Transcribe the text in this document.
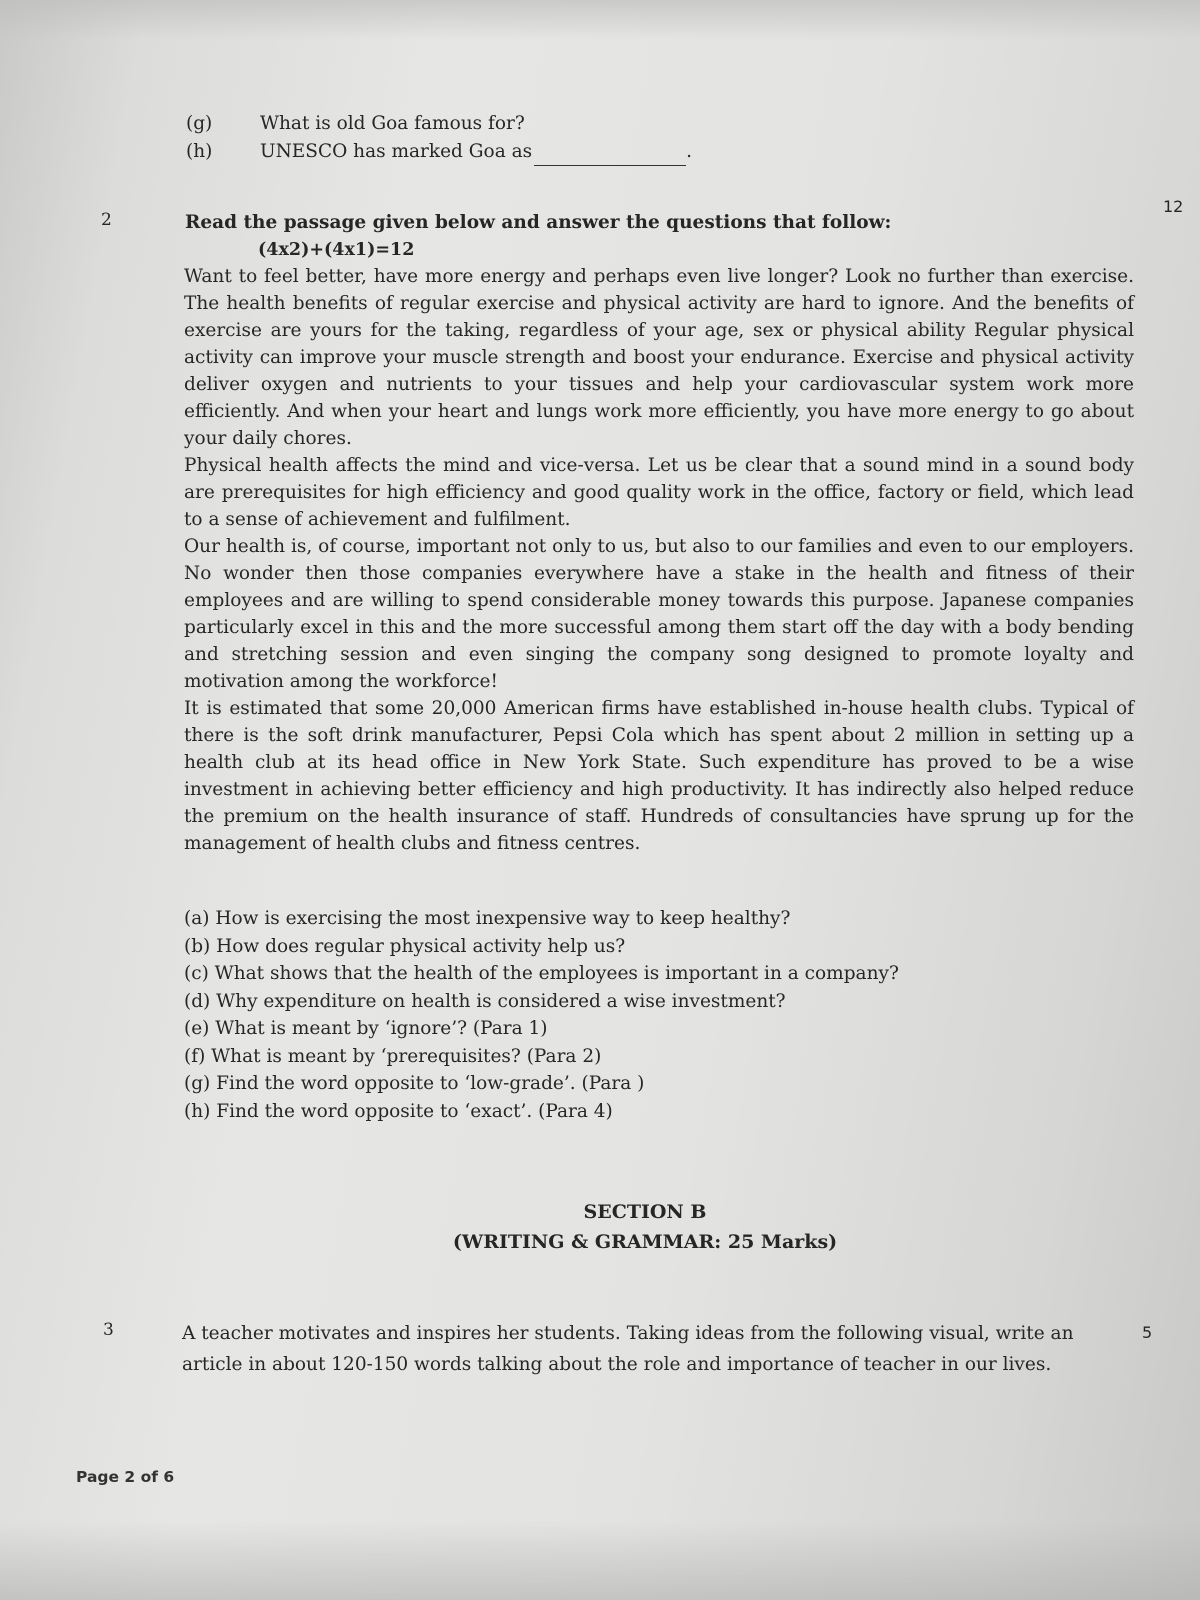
(g)	What is old Goa famous for?
(h)	UNESCO has marked Goa as	.
2
12
Read the passage given below and answer the questions that follow:
(4x2)+(4x1)=12

Want to feel better, have more energy and perhaps even live longer? Look no further than exercise. The health benefits of regular exercise and physical activity are hard to ignore. And the benefits of exercise are yours for the taking, regardless of your age, sex or physical ability Regular physical activity can improve your muscle strength and boost your endurance. Exercise and physical activity deliver oxygen and nutrients to your tissues and help your cardiovascular system work more efficiently. And when your heart and lungs work more efficiently, you have more energy to go about your daily chores.

Physical health affects the mind and vice-versa. Let us be clear that a sound mind in a sound body are prerequisites for high efficiency and good quality work in the office, factory or field, which lead to a sense of achievement and fulfilment.

Our health is, of course, important not only to us, but also to our families and even to our employers. No wonder then those companies everywhere have a stake in the health and fitness of their employees and are willing to spend considerable money towards this purpose. Japanese companies particularly excel in this and the more successful among them start off the day with a body bending and stretching session and even singing the company song designed to promote loyalty and motivation among the workforce!

It is estimated that some 20,000 American firms have established in-house health clubs. Typical of there is the soft drink manufacturer, Pepsi Cola which has spent about 2 million in setting up a health club at its head office in New York State. Such expenditure has proved to be a wise investment in achieving better efficiency and high productivity. It has indirectly also helped reduce the premium on the health insurance of staff. Hundreds of consultancies have sprung up for the management of health clubs and fitness centres.

(a) How is exercising the most inexpensive way to keep healthy?
(b) How does regular physical activity help us?
(c) What shows that the health of the employees is important in a company?
(d) Why expenditure on health is considered a wise investment?
(e) What is meant by ‘ignore’? (Para 1)
(f) What is meant by ‘prerequisites? (Para 2)
(g) Find the word opposite to ‘low-grade’. (Para )
(h) Find the word opposite to ‘exact’. (Para 4)
SECTION B
(WRITING & GRAMMAR: 25 Marks)
3	5
A teacher motivates and inspires her students. Taking ideas from the following visual, write an article in about 120-150 words talking about the role and importance of teacher in our lives.
Page 2 of 6
